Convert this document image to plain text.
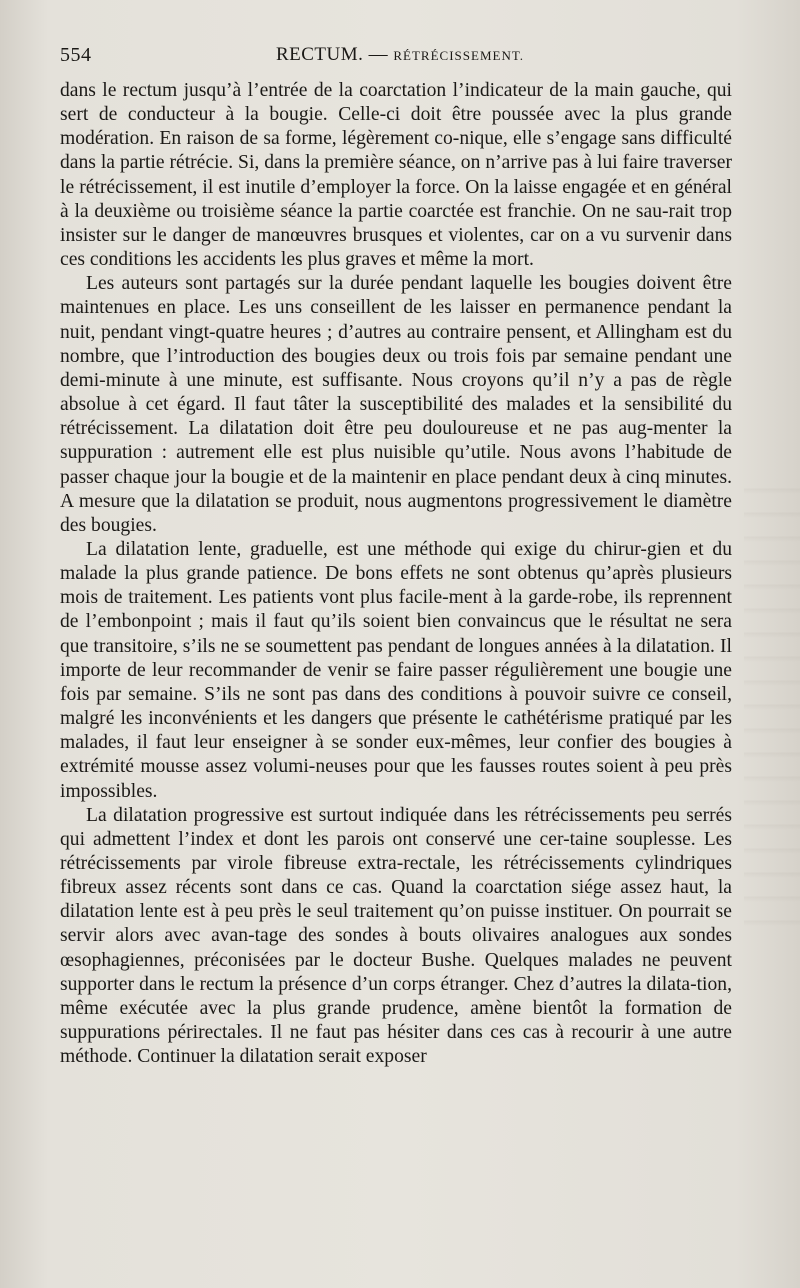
554	RECTUM. — RÉTRÉCISSEMENT.

dans le rectum jusqu’à l’entrée de la coarctation l’indicateur de la main gauche, qui sert de conducteur à la bougie. Celle-ci doit être poussée avec la plus grande modération. En raison de sa forme, légèrement co-nique, elle s’engage sans difficulté dans la partie rétrécie. Si, dans la première séance, on n’arrive pas à lui faire traverser le rétrécissement, il est inutile d’employer la force. On la laisse engagée et en général à la deuxième ou troisième séance la partie coarctée est franchie. On ne sau-rait trop insister sur le danger de manœuvres brusques et violentes, car on a vu survenir dans ces conditions les accidents les plus graves et même la mort.

Les auteurs sont partagés sur la durée pendant laquelle les bougies doivent être maintenues en place. Les uns conseillent de les laisser en permanence pendant la nuit, pendant vingt-quatre heures ; d’autres au contraire pensent, et Allingham est du nombre, que l’introduction des bougies deux ou trois fois par semaine pendant une demi-minute à une minute, est suffisante. Nous croyons qu’il n’y a pas de règle absolue à cet égard. Il faut tâter la susceptibilité des malades et la sensibilité du rétrécissement. La dilatation doit être peu douloureuse et ne pas aug-menter la suppuration : autrement elle est plus nuisible qu’utile. Nous avons l’habitude de passer chaque jour la bougie et de la maintenir en place pendant deux à cinq minutes. A mesure que la dilatation se produit, nous augmentons progressivement le diamètre des bougies.

La dilatation lente, graduelle, est une méthode qui exige du chirur-gien et du malade la plus grande patience. De bons effets ne sont obtenus qu’après plusieurs mois de traitement. Les patients vont plus facile-ment à la garde-robe, ils reprennent de l’embonpoint ; mais il faut qu’ils soient bien convaincus que le résultat ne sera que transitoire, s’ils ne se soumettent pas pendant de longues années à la dilatation. Il importe de leur recommander de venir se faire passer régulièrement une bougie une fois par semaine. S’ils ne sont pas dans des conditions à pouvoir suivre ce conseil, malgré les inconvénients et les dangers que présente le cathétérisme pratiqué par les malades, il faut leur enseigner à se sonder eux-mêmes, leur confier des bougies à extrémité mousse assez volumi-neuses pour que les fausses routes soient à peu près impossibles.

La dilatation progressive est surtout indiquée dans les rétrécissements peu serrés qui admettent l’index et dont les parois ont conservé une cer-taine souplesse. Les rétrécissements par virole fibreuse extra-rectale, les rétrécissements cylindriques fibreux assez récents sont dans ce cas. Quand la coarctation siége assez haut, la dilatation lente est à peu près le seul traitement qu’on puisse instituer. On pourrait se servir alors avec avan-tage des sondes à bouts olivaires analogues aux sondes œsophagiennes, préconisées par le docteur Bushe. Quelques malades ne peuvent supporter dans le rectum la présence d’un corps étranger. Chez d’autres la dilata-tion, même exécutée avec la plus grande prudence, amène bientôt la formation de suppurations périrectales. Il ne faut pas hésiter dans ces cas à recourir à une autre méthode. Continuer la dilatation serait exposer
